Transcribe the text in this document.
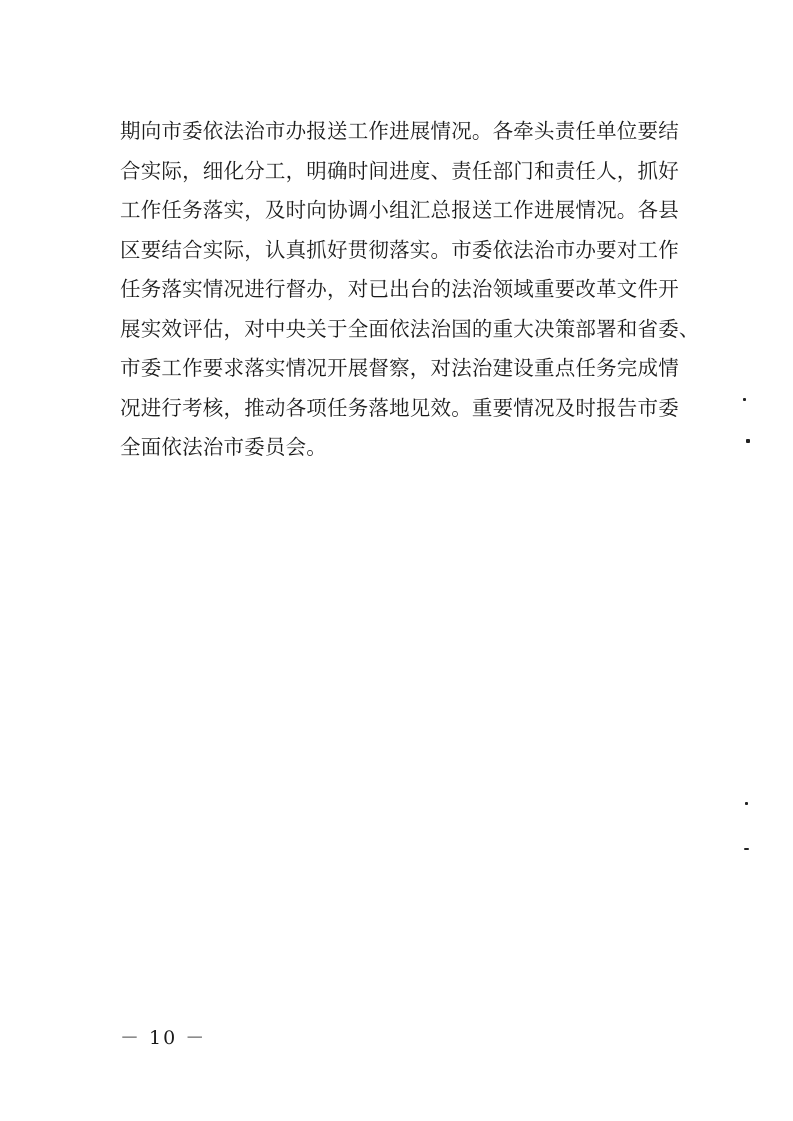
期向市委依法治市办报送工作进展情况。各牵头责任单位要结
合实际，细化分工，明确时间进度、责任部门和责任人，抓好
工作任务落实，及时向协调小组汇总报送工作进展情况。各县
区要结合实际，认真抓好贯彻落实。市委依法治市办要对工作
任务落实情况进行督办，对已出台的法治领域重要改革文件开
展实效评估，对中央关于全面依法治国的重大决策部署和省委、
市委工作要求落实情况开展督察，对法治建设重点任务完成情
况进行考核，推动各项任务落地见效。重要情况及时报告市委
全面依法治市委员会。
－ 10 －
